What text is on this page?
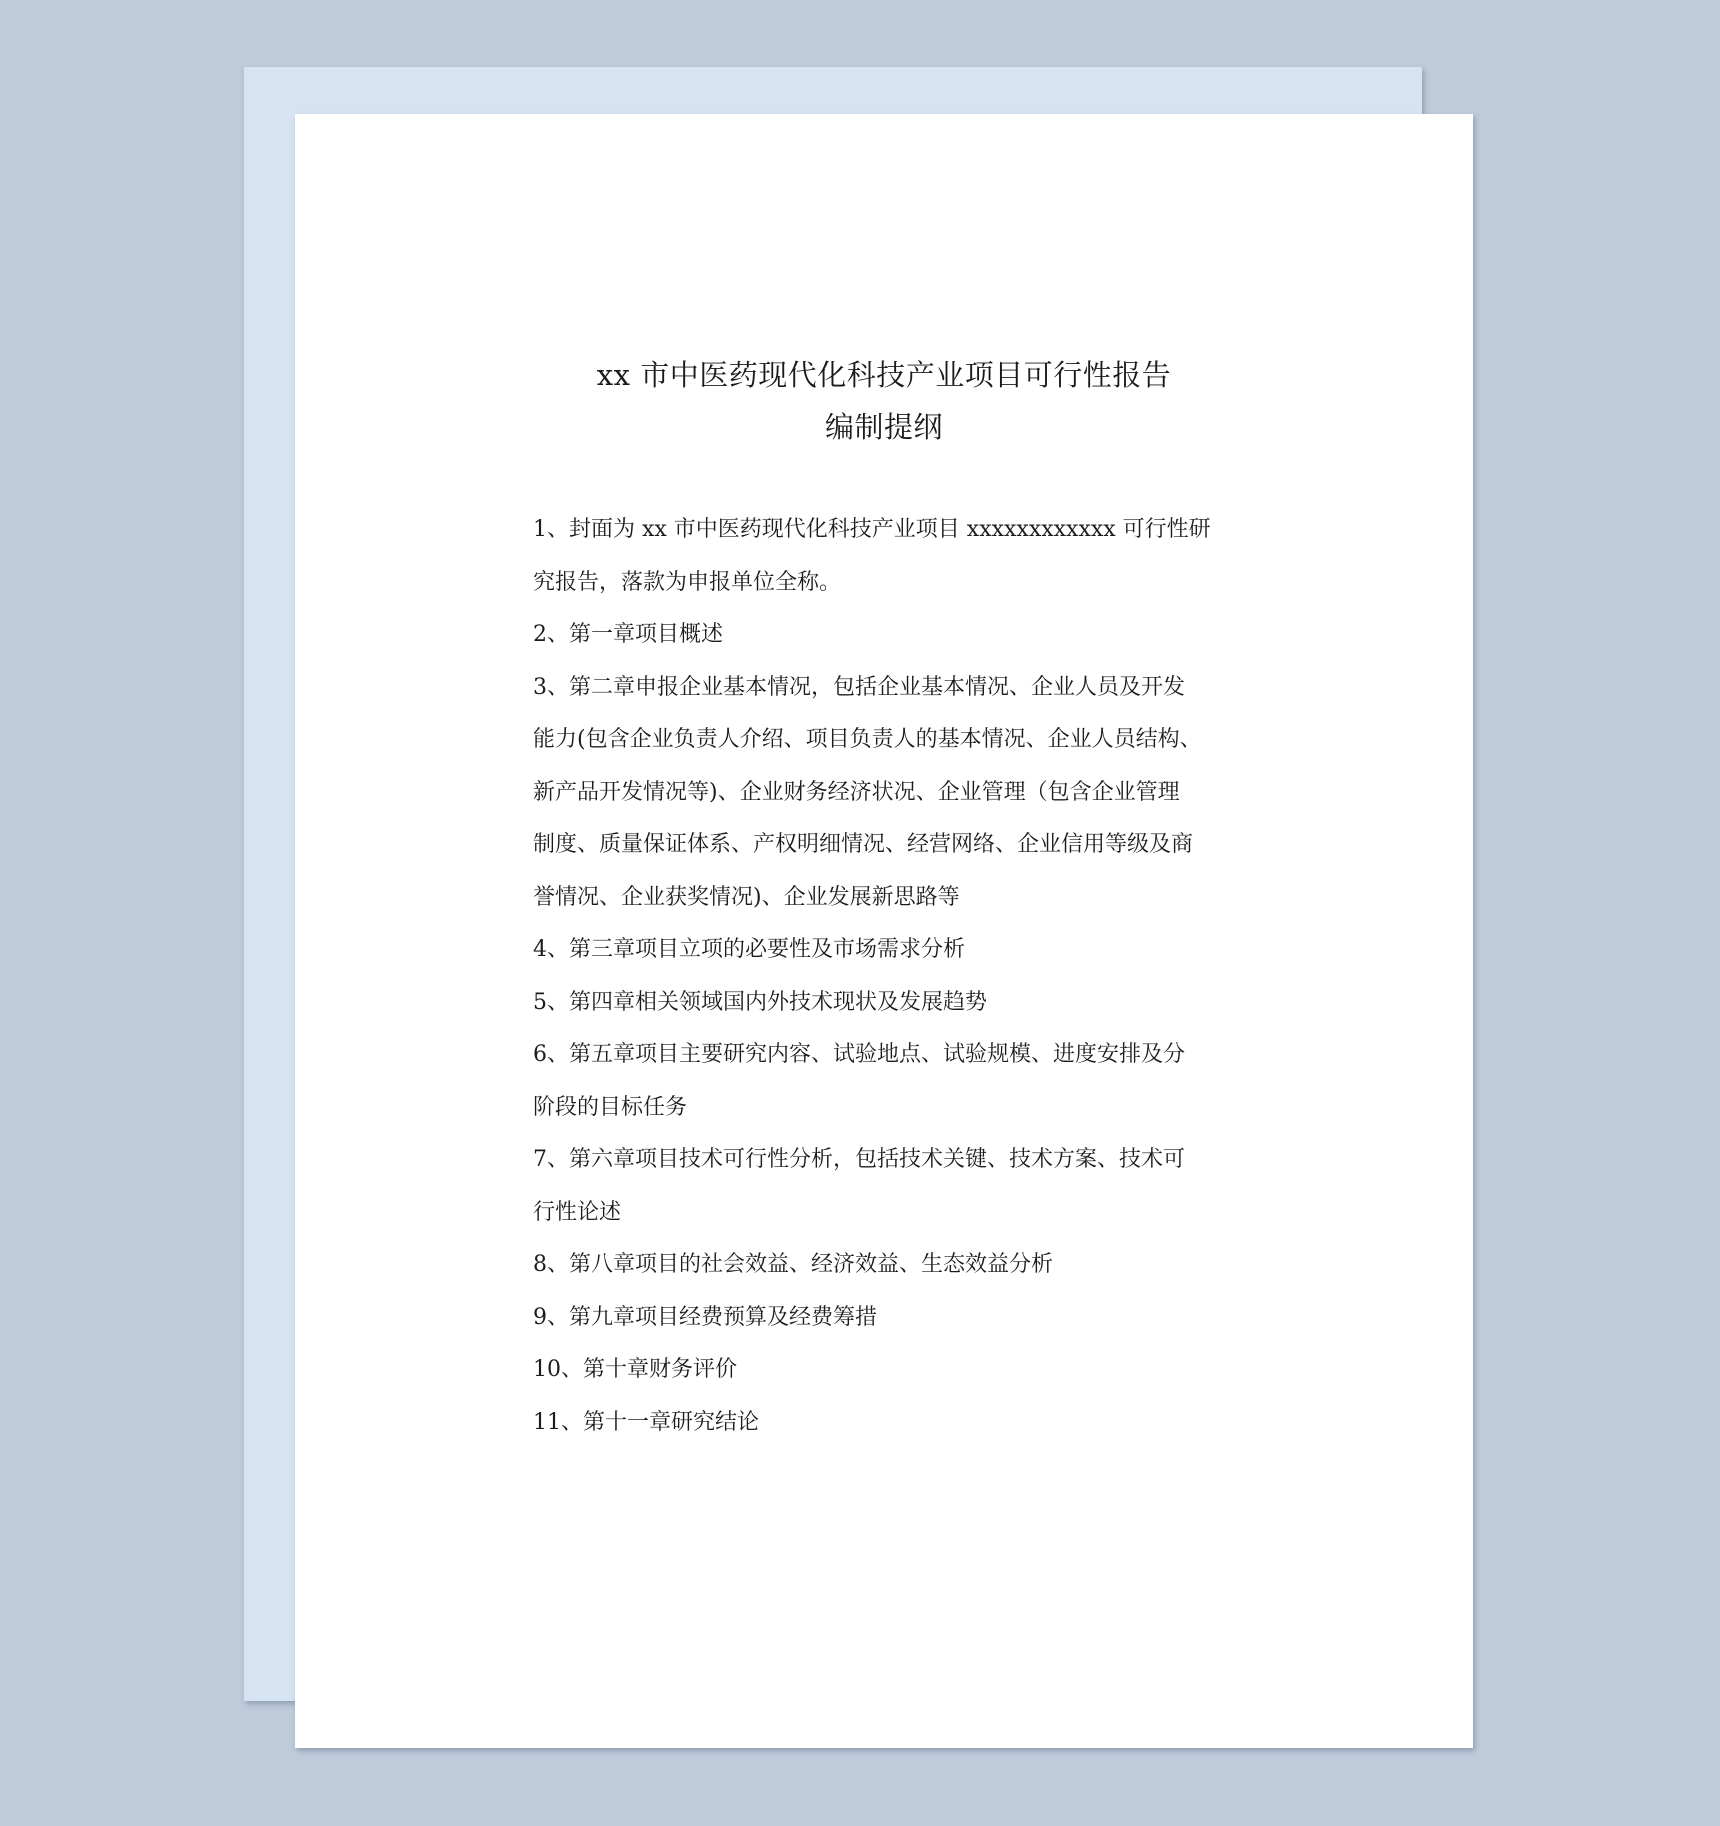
xx 市中医药现代化科技产业项目可行性报告
编制提纲
1、封面为 xx 市中医药现代化科技产业项目 xxxxxxxxxxxx 可行性研
究报告，落款为申报单位全称。
2、第一章项目概述
3、第二章申报企业基本情况，包括企业基本情况、企业人员及开发
能力(包含企业负责人介绍、项目负责人的基本情况、企业人员结构、
新产品开发情况等)、企业财务经济状况、企业管理（包含企业管理
制度、质量保证体系、产权明细情况、经营网络、企业信用等级及商
誉情况、企业获奖情况)、企业发展新思路等
4、第三章项目立项的必要性及市场需求分析
5、第四章相关领域国内外技术现状及发展趋势
6、第五章项目主要研究内容、试验地点、试验规模、进度安排及分
阶段的目标任务
7、第六章项目技术可行性分析，包括技术关键、技术方案、技术可
行性论述
8、第八章项目的社会效益、经济效益、生态效益分析
9、第九章项目经费预算及经费筹措
10、第十章财务评价
11、第十一章研究结论
